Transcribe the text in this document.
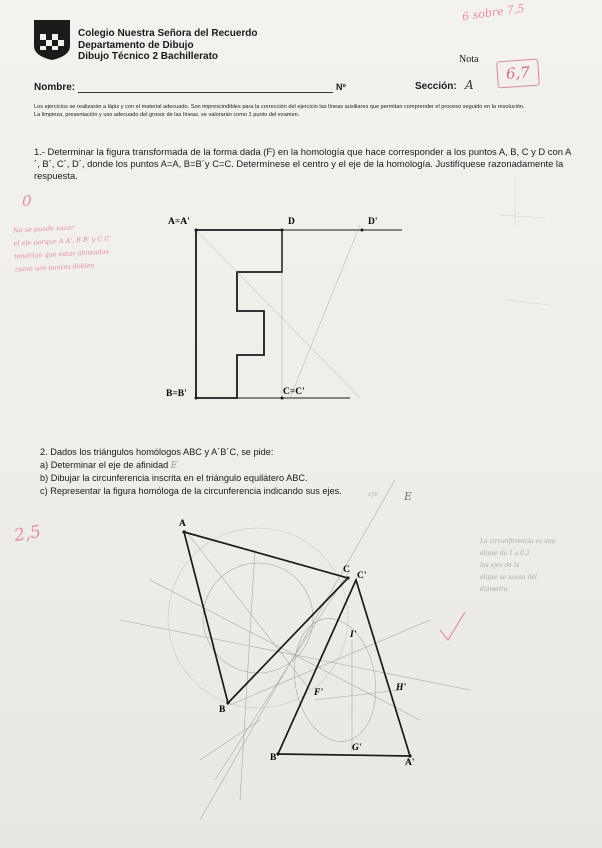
Colegio Nuestra Señora del Recuerdo
Departamento de Dibujo
Dibujo Técnico 2 Bachillerato
6 sobre 7,5
Nota
6,7
Nombre:	Nº	Sección: A
Los ejercicios se realizarán a lápiz y con el material adecuado. Son imprescindibles para la corrección del ejercicio las líneas auxiliares que permitan comprender el proceso seguido en la resolución.
La limpieza, presentación y uso adecuado del grosor de las líneas, se valorarán como 1 punto del examen.
1.- Determinar la figura transformada de la forma dada (F) en la homología que hace corresponder a los puntos A, B, C y D con A´, B´, C´, D´, donde los puntos A=A, B=B´y C=C. Determínese el centro y el eje de la homología. Justifíquese razonadamente la respuesta.
0
No se puede sacar
el eje porque A A', B B' y C C'
tendrían que estar alineados
como son puntos dobles
A=A'	D	D'
B=B'	C=C'
2. Dados los triángulos homólogos ABC y A´B´C, se pide:
a) Determinar el eje de afinidad E
b) Dibujar la circunferencia inscrita en el triángulo equilátero ABC.
c) Representar la figura homóloga de la circunferencia indicando sus ejes.	eje E
2,5	La circunferencia es una
elipse de 1 a 0,2
los ejes de la
elipse se sacan del
diámetro
A
C
C'
B
B'	A'
I'
H'
G'
F'
